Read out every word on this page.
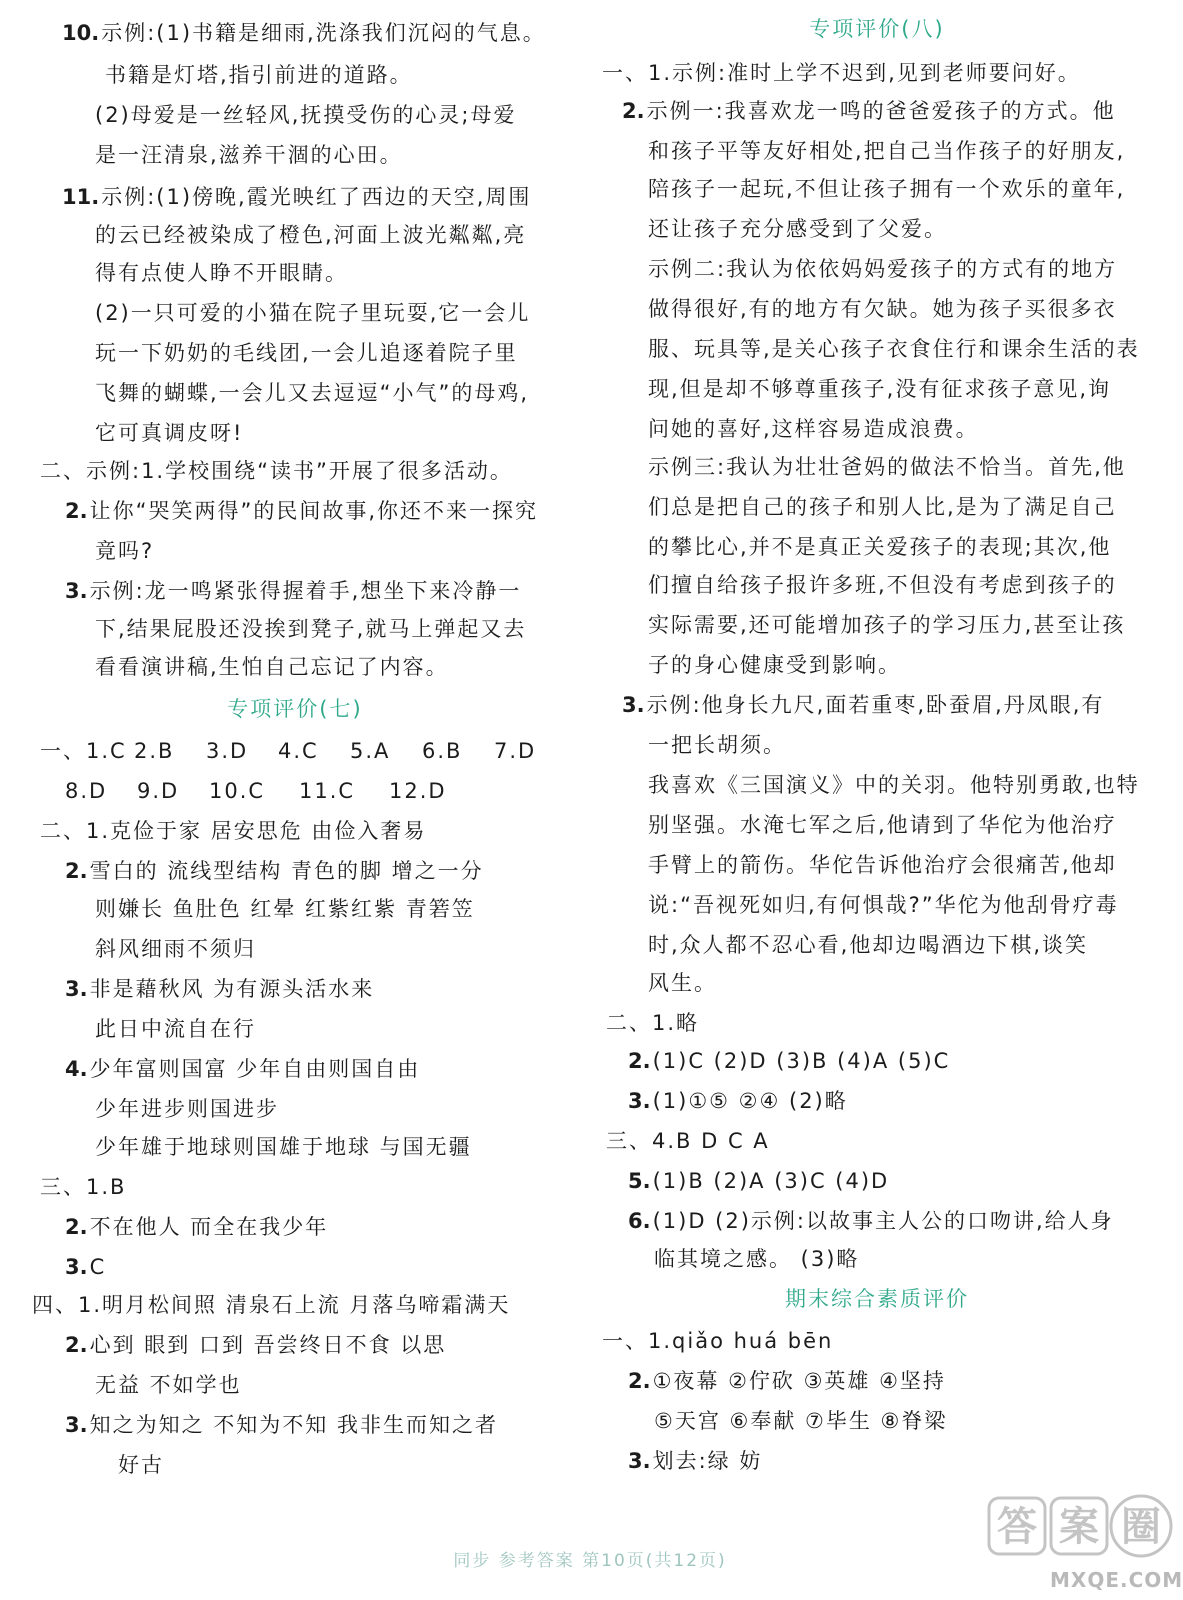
10.示例:(1)书籍是细雨,洗涤我们沉闷的气息。
书籍是灯塔,指引前进的道路。
(2)母爱是一丝轻风,抚摸受伤的心灵;母爱
是一汪清泉,滋养干涸的心田。
11.示例:(1)傍晚,霞光映红了西边的天空,周围
的云已经被染成了橙色,河面上波光粼粼,亮
得有点使人睁不开眼睛。
(2)一只可爱的小猫在院子里玩耍,它一会儿
玩一下奶奶的毛线团,一会儿追逐着院子里
飞舞的蝴蝶,一会儿又去逗逗“小气”的母鸡,
它可真调皮呀!
二、示例:1.学校围绕“读书”开展了很多活动。
2.让你“哭笑两得”的民间故事,你还不来一探究
竟吗?
3.示例:龙一鸣紧张得握着手,想坐下来冷静一
下,结果屁股还没挨到凳子,就马上弹起又去
看看演讲稿,生怕自己忘记了内容。
专项评价(七)
一、1.C 2.B 3.D 4.C 5.A 6.B 7.D
8.D 9.D 10.C 11.C 12.D
二、1.克俭于家 居安思危 由俭入奢易
2.雪白的 流线型结构 青色的脚 增之一分
则嫌长 鱼肚色 红晕 红紫红紫 青箬笠
斜风细雨不须归
3.非是藉秋风 为有源头活水来
此日中流自在行
4.少年富则国富 少年自由则国自由
少年进步则国进步
少年雄于地球则国雄于地球 与国无疆
三、1.B
2.不在他人 而全在我少年
3.C
四、1.明月松间照 清泉石上流 月落乌啼霜满天
2.心到 眼到 口到 吾尝终日不食 以思
无益 不如学也
3.知之为知之 不知为不知 我非生而知之者
好古
专项评价(八)
一、1.示例:准时上学不迟到,见到老师要问好。
2.示例一:我喜欢龙一鸣的爸爸爱孩子的方式。他
和孩子平等友好相处,把自己当作孩子的好朋友,
陪孩子一起玩,不但让孩子拥有一个欢乐的童年,
还让孩子充分感受到了父爱。
示例二:我认为依依妈妈爱孩子的方式有的地方
做得很好,有的地方有欠缺。她为孩子买很多衣
服、玩具等,是关心孩子衣食住行和课余生活的表
现,但是却不够尊重孩子,没有征求孩子意见,询
问她的喜好,这样容易造成浪费。
示例三:我认为壮壮爸妈的做法不恰当。首先,他
们总是把自己的孩子和别人比,是为了满足自己
的攀比心,并不是真正关爱孩子的表现;其次,他
们擅自给孩子报许多班,不但没有考虑到孩子的
实际需要,还可能增加孩子的学习压力,甚至让孩
子的身心健康受到影响。
3.示例:他身长九尺,面若重枣,卧蚕眉,丹凤眼,有
一把长胡须。
我喜欢《三国演义》中的关羽。他特别勇敢,也特
别坚强。水淹七军之后,他请到了华佗为他治疗
手臂上的箭伤。华佗告诉他治疗会很痛苦,他却
说:“吾视死如归,有何惧哉?”华佗为他刮骨疗毒
时,众人都不忍心看,他却边喝酒边下棋,谈笑
风生。
二、1.略
2.(1)C (2)D (3)B (4)A (5)C
3.(1)①⑤ ②④ (2)略
三、4.B D C A
5.(1)B (2)A (3)C (4)D
6.(1)D (2)示例:以故事主人公的口吻讲,给人身
临其境之感。 (3)略
期末综合素质评价
一、1.qiǎo huá bēn
2.①夜幕 ②佇砍 ③英雄 ④坚持
⑤天宫 ⑥奉献 ⑦毕生 ⑧脊梁
3.划去:绿 妨
同步 参考答案 第10页(共12页)
答 案 圈
MXQE.COM
